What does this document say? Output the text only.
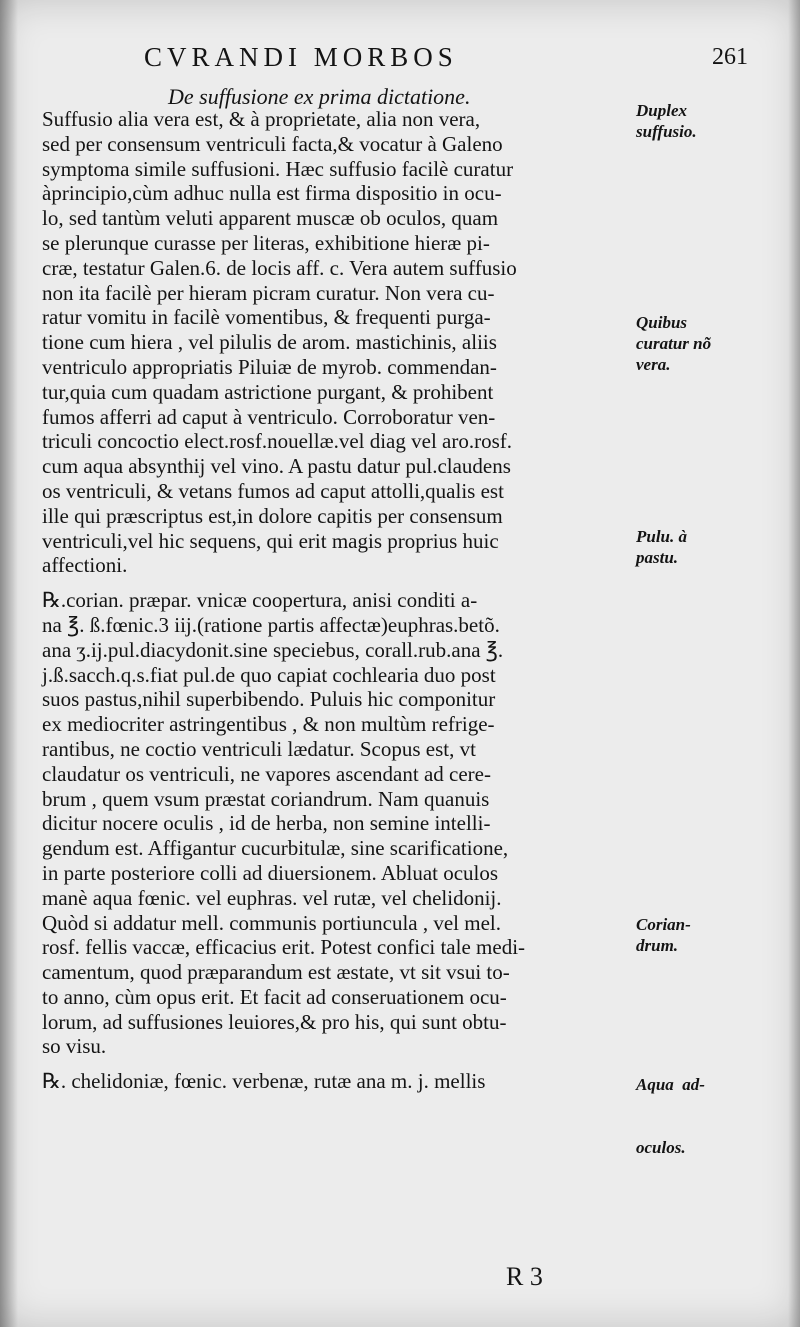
CVRANDI MORBOS	261
De suffusione ex prima dictatione.
Suffusio alia vera est, & à proprietate, alia non vera,
sed per consensum ventriculi facta,& vocatur à Galeno
symptoma simile suffusioni. Hæc suffusio facilè curatur
àprincipio,cùm adhuc nulla est firma dispositio in ocu-
lo, sed tantùm veluti apparent muscæ ob oculos, quam
se plerunque curasse per literas, exhibitione hieræ pi-
cræ, testatur Galen.6. de locis aff. c. Vera autem suffusio
non ita facilè per hieram picram curatur. Non vera cu-
ratur vomitu in facilè vomentibus, & frequenti purga-
tione cum hiera , vel pilulis de arom. mastichinis, aliis
ventriculo appropriatis Piluiæ de myrob. commendan-
tur,quia cum quadam astrictione purgant, & prohibent
fumos afferri ad caput à ventriculo. Corroboratur ven-
triculi concoctio elect.rosf.nouellæ.vel diag vel aro.rosf.
cum aqua absynthij vel vino. A pastu datur pul.claudens
os ventriculi, & vetans fumos ad caput attolli,qualis est
ille qui præscriptus est,in dolore capitis per consensum
ventriculi,vel hic sequens, qui erit magis proprius huic
affectioni.
℞.corian. præpar. vnicæ coopertura, anisi conditi a-
na ℥. ß.fœnic.3 iij.(ratione partis affectæ)euphras.betõ.
ana ʒ.ij.pul.diacydonit.sine speciebus, corall.rub.ana ℥.
j.ß.sacch.q.s.fiat pul.de quo capiat cochlearia duo post
suos pastus,nihil superbibendo. Puluis hic componitur
ex mediocriter astringentibus , & non multùm refrige-
rantibus, ne coctio ventriculi lædatur. Scopus est, vt
claudatur os ventriculi, ne vapores ascendant ad cere-
brum , quem vsum præstat coriandrum. Nam quanuis
dicitur nocere oculis , id de herba, non semine intelli-
gendum est. Affigantur cucurbitulæ, sine scarificatione,
in parte posteriore colli ad diuersionem. Abluat oculos
manè aqua fœnic. vel euphras. vel rutæ, vel chelidonij.
Quòd si addatur mell. communis portiuncula , vel mel.
rosf. fellis vaccæ, efficacius erit. Potest confici tale medi-
camentum, quod præparandum est æstate, vt sit vsui to-
to anno, cùm opus erit. Et facit ad conseruationem ocu-
lorum, ad suffusiones leuiores,& pro his, qui sunt obtu-
so visu.
℞. chelidoniæ, fœnic. verbenæ, rutæ ana m. j. mellis
Duplex
suffusio.
Quibus
curatur nõ
vera.
Pulu. à
pastu.
Corian-
drum.

Aqua  ad-

oculos.

R 3
